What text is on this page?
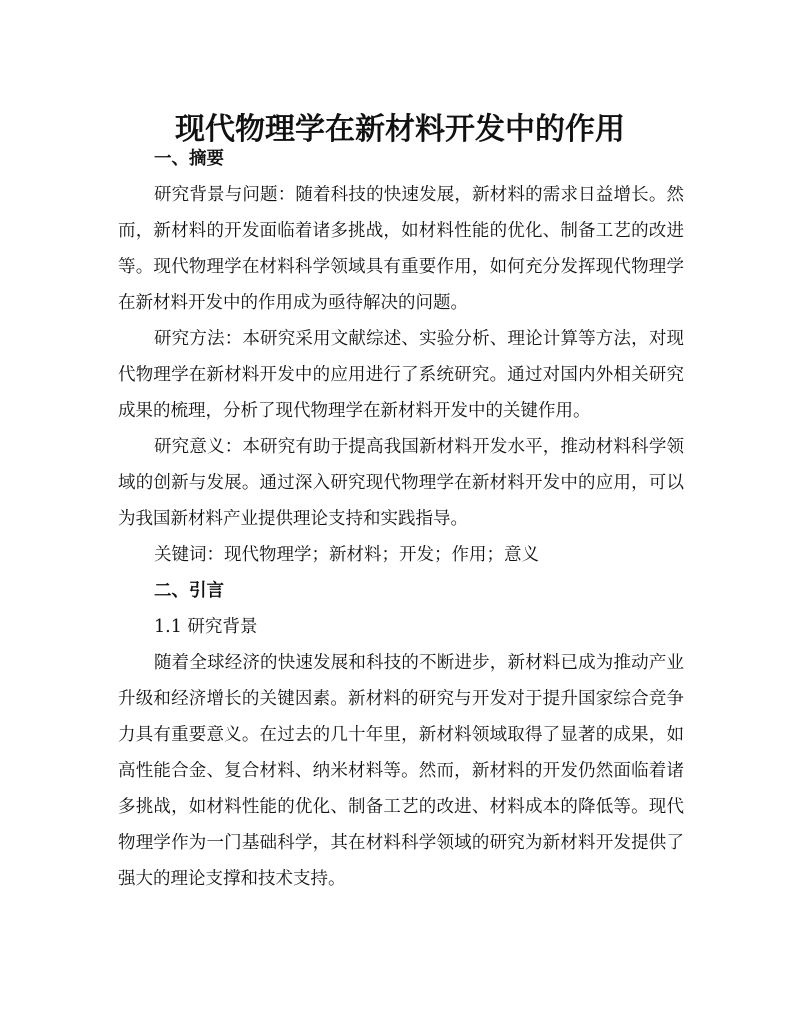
现代物理学在新材料开发中的作用

一、摘要

研究背景与问题：随着科技的快速发展，新材料的需求日益增长。然而，新材料的开发面临着诸多挑战，如材料性能的优化、制备工艺的改进等。现代物理学在材料科学领域具有重要作用，如何充分发挥现代物理学在新材料开发中的作用成为亟待解决的问题。

研究方法：本研究采用文献综述、实验分析、理论计算等方法，对现代物理学在新材料开发中的应用进行了系统研究。通过对国内外相关研究成果的梳理，分析了现代物理学在新材料开发中的关键作用。

研究意义：本研究有助于提高我国新材料开发水平，推动材料科学领域的创新与发展。通过深入研究现代物理学在新材料开发中的应用，可以为我国新材料产业提供理论支持和实践指导。

关键词：现代物理学；新材料；开发；作用；意义

二、引言

1.1 研究背景

随着全球经济的快速发展和科技的不断进步，新材料已成为推动产业升级和经济增长的关键因素。新材料的研究与开发对于提升国家综合竞争力具有重要意义。在过去的几十年里，新材料领域取得了显著的成果，如高性能合金、复合材料、纳米材料等。然而，新材料的开发仍然面临着诸多挑战，如材料性能的优化、制备工艺的改进、材料成本的降低等。现代物理学作为一门基础科学，其在材料科学领域的研究为新材料开发提供了强大的理论支撑和技术支持。
